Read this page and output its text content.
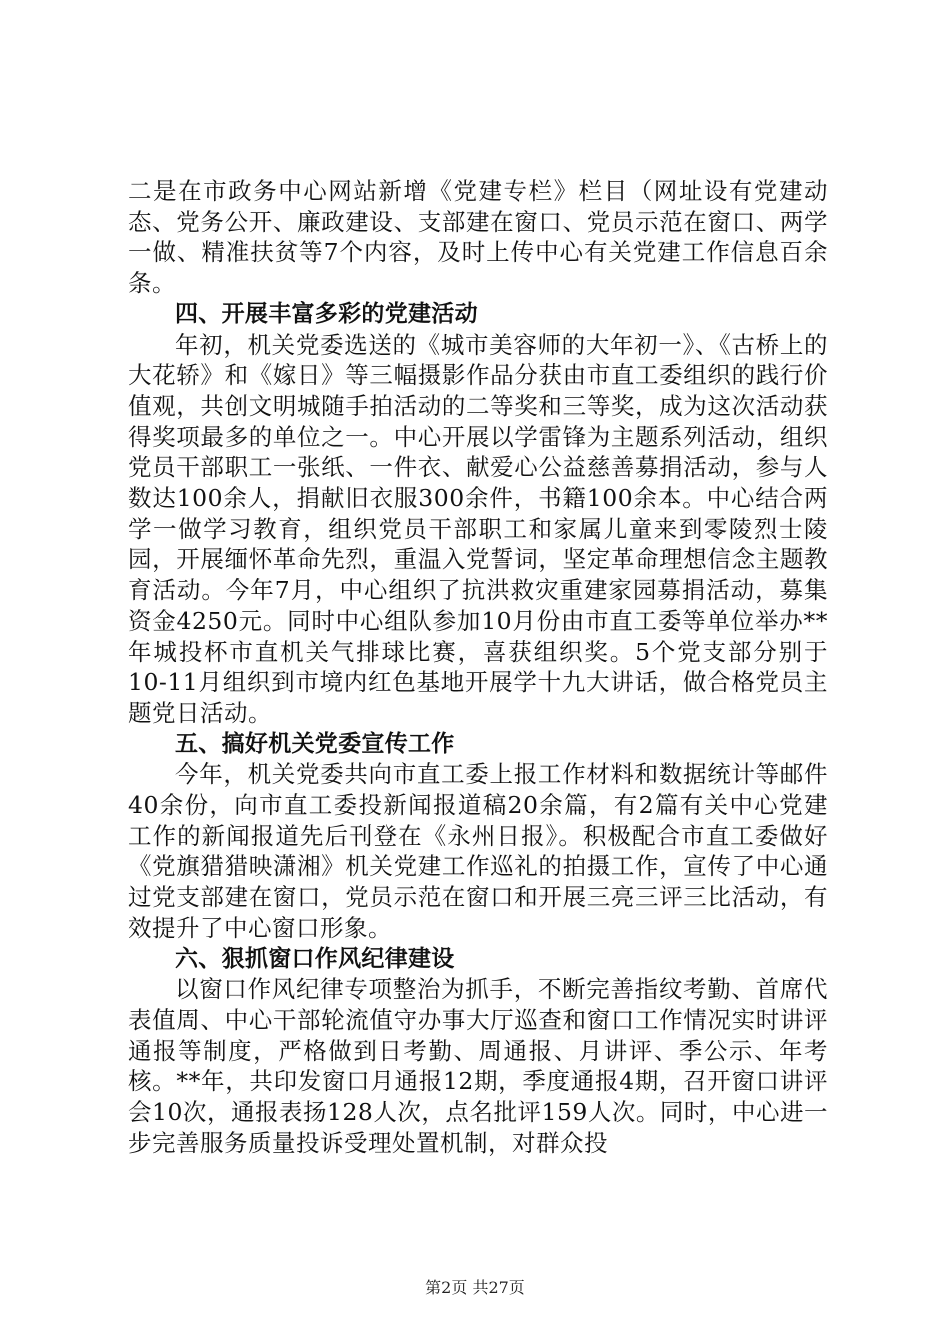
二是在市政务中心网站新增《党建专栏》栏目（网址设有党建动态、党务公开、廉政建设、支部建在窗口、党员示范在窗口、两学一做、精准扶贫等7个内容，及时上传中心有关党建工作信息百余条。

四、开展丰富多彩的党建活动

年初，机关党委选送的《城市美容师的大年初一》、《古桥上的大花轿》和《嫁日》等三幅摄影作品分获由市直工委组织的践行价值观，共创文明城随手拍活动的二等奖和三等奖，成为这次活动获得奖项最多的单位之一。中心开展以学雷锋为主题系列活动，组织党员干部职工一张纸、一件衣、献爱心公益慈善募捐活动，参与人数达100余人，捐献旧衣服300余件，书籍100余本。中心结合两学一做学习教育，组织党员干部职工和家属儿童来到零陵烈士陵园，开展缅怀革命先烈，重温入党誓词，坚定革命理想信念主题教育活动。今年7月，中心组织了抗洪救灾重建家园募捐活动，募集资金4250元。同时中心组队参加10月份由市直工委等单位举办**年城投杯市直机关气排球比赛，喜获组织奖。5个党支部分别于10-11月组织到市境内红色基地开展学十九大讲话，做合格党员主题党日活动。

五、搞好机关党委宣传工作

今年，机关党委共向市直工委上报工作材料和数据统计等邮件40余份，向市直工委投新闻报道稿20余篇，有2篇有关中心党建工作的新闻报道先后刊登在《永州日报》。积极配合市直工委做好《党旗猎猎映潇湘》机关党建工作巡礼的拍摄工作，宣传了中心通过党支部建在窗口，党员示范在窗口和开展三亮三评三比活动，有效提升了中心窗口形象。

六、狠抓窗口作风纪律建设

以窗口作风纪律专项整治为抓手，不断完善指纹考勤、首席代表值周、中心干部轮流值守办事大厅巡查和窗口工作情况实时讲评通报等制度，严格做到日考勤、周通报、月讲评、季公示、年考核。**年，共印发窗口月通报12期，季度通报4期，召开窗口讲评会10次，通报表扬128人次，点名批评159人次。同时，中心进一步完善服务质量投诉受理处置机制，对群众投

第2页 共27页
